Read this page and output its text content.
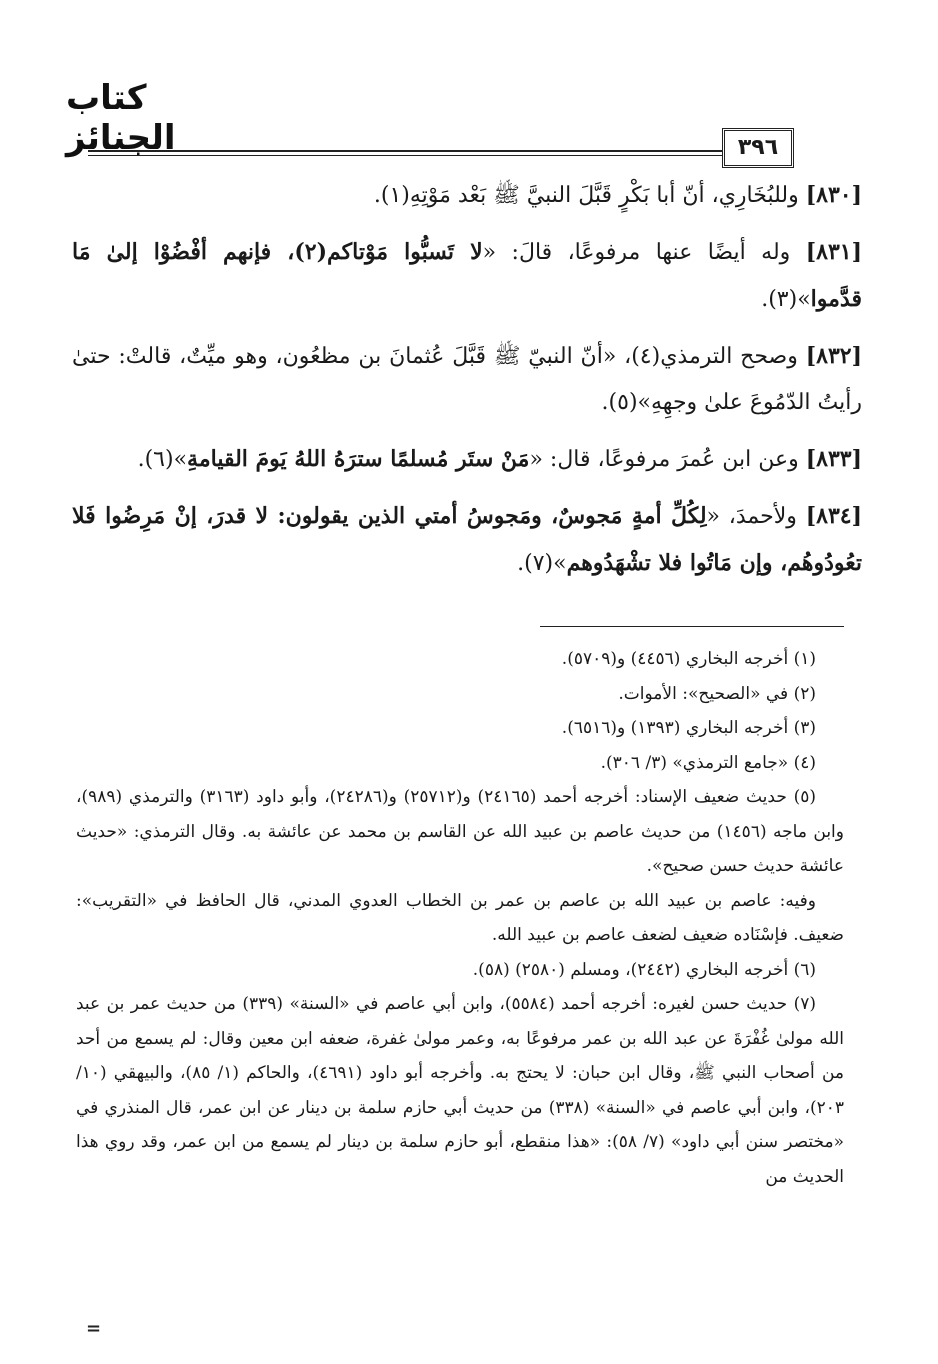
كتاب الجنائز	٣٩٦

[٨٣٠] وللبُخَارِي، أنّ أبا بَكْرٍ قَبَّلَ النبيَّ ﷺ بَعْد مَوْتِهِ(١).

[٨٣١] وله أيضًا عنها مرفوعًا، قالَ: «لا تَسبُّوا مَوْتاكم(٢)، فإنهم أفْضُوْا إلىٰ مَا قدَّموا»(٣).

[٨٣٢] وصحح الترمذي(٤)، «أنّ النبيّ ﷺ قَبَّلَ عُثمانَ بن مظعُون، وهو ميِّتٌ، قالتْ: حتىٰ رأيتُ الدّمُوعَ علىٰ وجهِهِ»(٥).

[٨٣٣] وعن ابن عُمرَ مرفوعًا، قال: «مَنْ ستَر مُسلمًا سترَهُ اللهُ يَومَ القيامةِ»(٦).

[٨٣٤] ولأحمدَ، «لِكُلِّ أمةٍ مَجوسٌ، ومَجوسُ أمتي الذين يقولون: لا قدرَ، إنْ مَرِضُوا فَلا تعُودُوهُم، وإن مَاتُوا فلا تشْهَدُوهم»(٧).

(١) أخرجه البخاري (٤٤٥٦) و(٥٧٠٩).

(٢) في «الصحيح»: الأموات.

(٣) أخرجه البخاري (١٣٩٣) و(٦٥١٦).

(٤) «جامع الترمذي» (٣/ ٣٠٦).

(٥) حديث ضعيف الإسناد: أخرجه أحمد (٢٤١٦٥) و(٢٥٧١٢) و(٢٤٢٨٦)، وأبو داود (٣١٦٣) والترمذي (٩٨٩)، وابن ماجه (١٤٥٦) من حديث عاصم بن عبيد الله عن القاسم بن محمد عن عائشة به. وقال الترمذي: «حديث عائشة حديث حسن صحيح».

وفيه: عاصم بن عبيد الله بن عاصم بن عمر بن الخطاب العدوي المدني، قال الحافظ في «التقريب»: ضعيف. فإسْنَاده ضعيف لضعف عاصم بن عبيد الله.

(٦) أخرجه البخاري (٢٤٤٢)، ومسلم (٢٥٨٠) (٥٨).

(٧) حديث حسن لغيره: أخرجه أحمد (٥٥٨٤)، وابن أبي عاصم في «السنة» (٣٣٩) من حديث عمر بن عبد الله مولىٰ غُفْرَةَ عن عبد الله بن عمر مرفوعًا به، وعمر مولىٰ غفرة، ضعفه ابن معين وقال: لم يسمع من أحد من أصحاب النبي ﷺ، وقال ابن حبان: لا يحتج به. وأخرجه أبو داود (٤٦٩١)، والحاكم (١/ ٨٥)، والبيهقي (١٠/ ٢٠٣)، وابن أبي عاصم في «السنة» (٣٣٨) من حديث أبي حازم سلمة بن دينار عن ابن عمر، قال المنذري في «مختصر سنن أبي داود» (٧/ ٥٨): «هذا منقطع، أبو حازم سلمة بن دينار لم يسمع من ابن عمر، وقد روي هذا الحديث من

=
